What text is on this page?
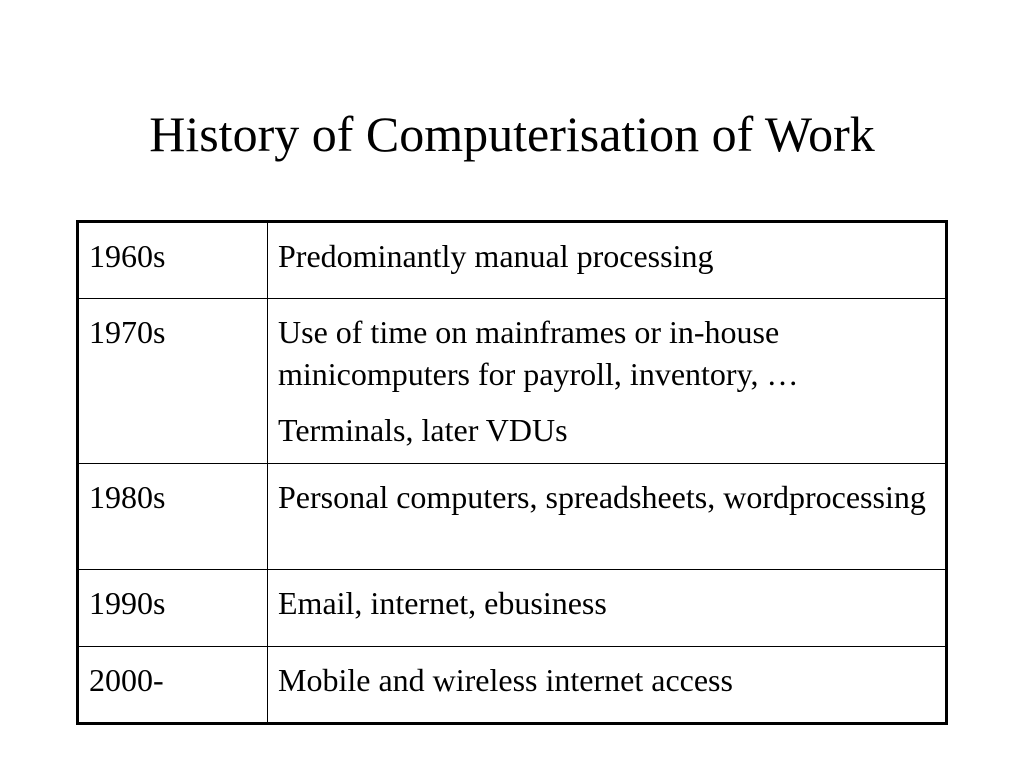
History of Computerisation of Work
1960s	Predominantly manual processing

1970s	Use of time on mainframes or in-house minicomputers for payroll, inventory, …
Terminals, later VDUs

1980s	Personal computers, spreadsheets, wordprocessing

1990s	Email, internet, ebusiness

2000-	Mobile and wireless internet access
